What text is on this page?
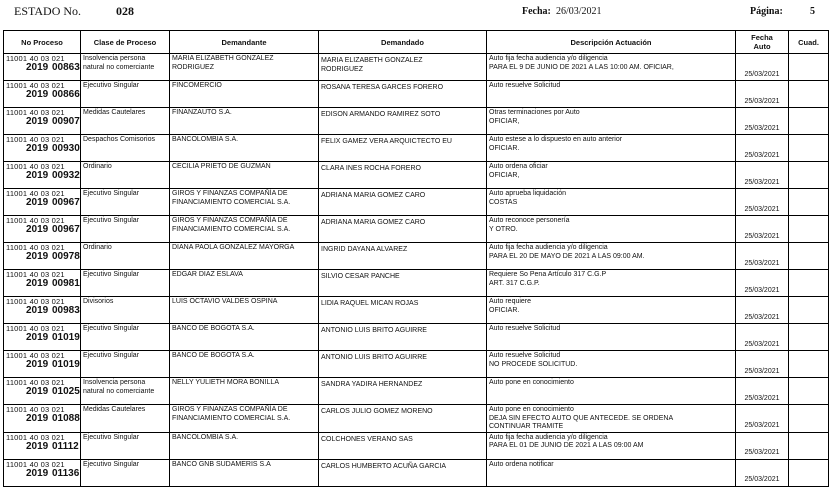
ESTADO No.	028	Fecha: 26/03/2021	Página:	5
No Proceso	Clase de Proceso	Demandante	Demandado	Descripción Actuación	Fecha
Auto	Cuad.

11001 40 03 021
2019 00863	Insolvencia persona
natural no comerciante	MARIA ELIZABETH GONZALEZ
RODRIGUEZ	MARIA ELIZABETH GONZALEZ
RODRIGUEZ	Auto fija fecha audiencia y/o diligencia
PARA EL 9 DE JUNIO DE 2021 A LAS 10:00 AM. OFICIAR,	25/03/2021	

11001 40 03 021
2019 00866	Ejecutivo Singular	FINCOMERCIO	ROSANA TERESA GARCES FORERO	Auto resuelve Solicitud	25/03/2021	

11001 40 03 021
2019 00907	Medidas Cautelares	FINANZAUTO S.A.	EDISON ARMANDO RAMIREZ SOTO	Otras terminaciones por Auto
OFICIAR,	25/03/2021	

11001 40 03 021
2019 00930	Despachos Comisorios	BANCOLOMBIA S.A.	FELIX GAMEZ VERA ARQUICTECTO EU	Auto estese a lo dispuesto en auto anterior
OFICIAR.	25/03/2021	

11001 40 03 021
2019 00932	Ordinario	CECILIA PRIETO DE GUZMAN	CLARA INES ROCHA FORERO	Auto ordena oficiar
OFICIAR,	25/03/2021	

11001 40 03 021
2019 00967	Ejecutivo Singular	GIROS Y FINANZAS COMPAÑÍA DE
FINANCIAMIENTO COMERCIAL S.A.	ADRIANA MARIA GOMEZ CARO	Auto aprueba liquidación
COSTAS	25/03/2021	

11001 40 03 021
2019 00967	Ejecutivo Singular	GIROS Y FINANZAS COMPAÑÍA DE
FINANCIAMIENTO COMERCIAL S.A.	ADRIANA MARIA GOMEZ CARO	Auto reconoce personería
Y OTRO.	25/03/2021	

11001 40 03 021
2019 00978	Ordinario	DIANA PAOLA GONZALEZ MAYORGA	INGRID DAYANA ALVAREZ	Auto fija fecha audiencia y/o diligencia
PARA EL 20 DE MAYO DE 2021 A LAS 09:00 AM.	25/03/2021	

11001 40 03 021
2019 00981	Ejecutivo Singular	EDGAR DIAZ ESLAVA	SILVIO CESAR PANCHE	Requiere So Pena Artículo 317 C.G.P
ART. 317 C.G.P.	25/03/2021	

11001 40 03 021
2019 00983	Divisorios	LUIS OCTAVIO VALDES OSPINA	LIDIA RAQUEL MICAN ROJAS	Auto requiere
OFICIAR.	25/03/2021	

11001 40 03 021
2019 01019	Ejecutivo Singular	BANCO DE BOGOTA S.A.	ANTONIO LUIS BRITO AGUIRRE	Auto resuelve Solicitud	25/03/2021	

11001 40 03 021
2019 01019	Ejecutivo Singular	BANCO DE BOGOTA S.A.	ANTONIO LUIS BRITO AGUIRRE	Auto resuelve Solicitud
NO PROCEDE SOLICITUD.	25/03/2021	

11001 40 03 021
2019 01025	Insolvencia persona
natural no comerciante	NELLY YULIETH MORA BONILLA	SANDRA YADIRA HERNANDEZ	Auto pone en conocimiento	25/03/2021	

11001 40 03 021
2019 01088	Medidas Cautelares	GIROS Y FINANZAS COMPAÑÍA DE
FINANCIAMIENTO COMERCIAL S.A.	CARLOS JULIO GOMEZ MORENO	Auto pone en conocimiento
DEJA SIN EFECTO AUTO QUE ANTECEDE. SE ORDENA
CONTINUAR TRAMITE	25/03/2021	

11001 40 03 021
2019 01112	Ejecutivo Singular	BANCOLOMBIA S.A.	COLCHONES VERANO SAS	Auto fija fecha audiencia y/o diligencia
PARA EL 01 DE JUNIO DE 2021 A LAS 09:00 AM	25/03/2021	

11001 40 03 021
2019 01136	Ejecutivo Singular	BANCO GNB SUDAMERIS S.A	CARLOS HUMBERTO ACUÑA GARCIA	Auto ordena notificar	25/03/2021	
